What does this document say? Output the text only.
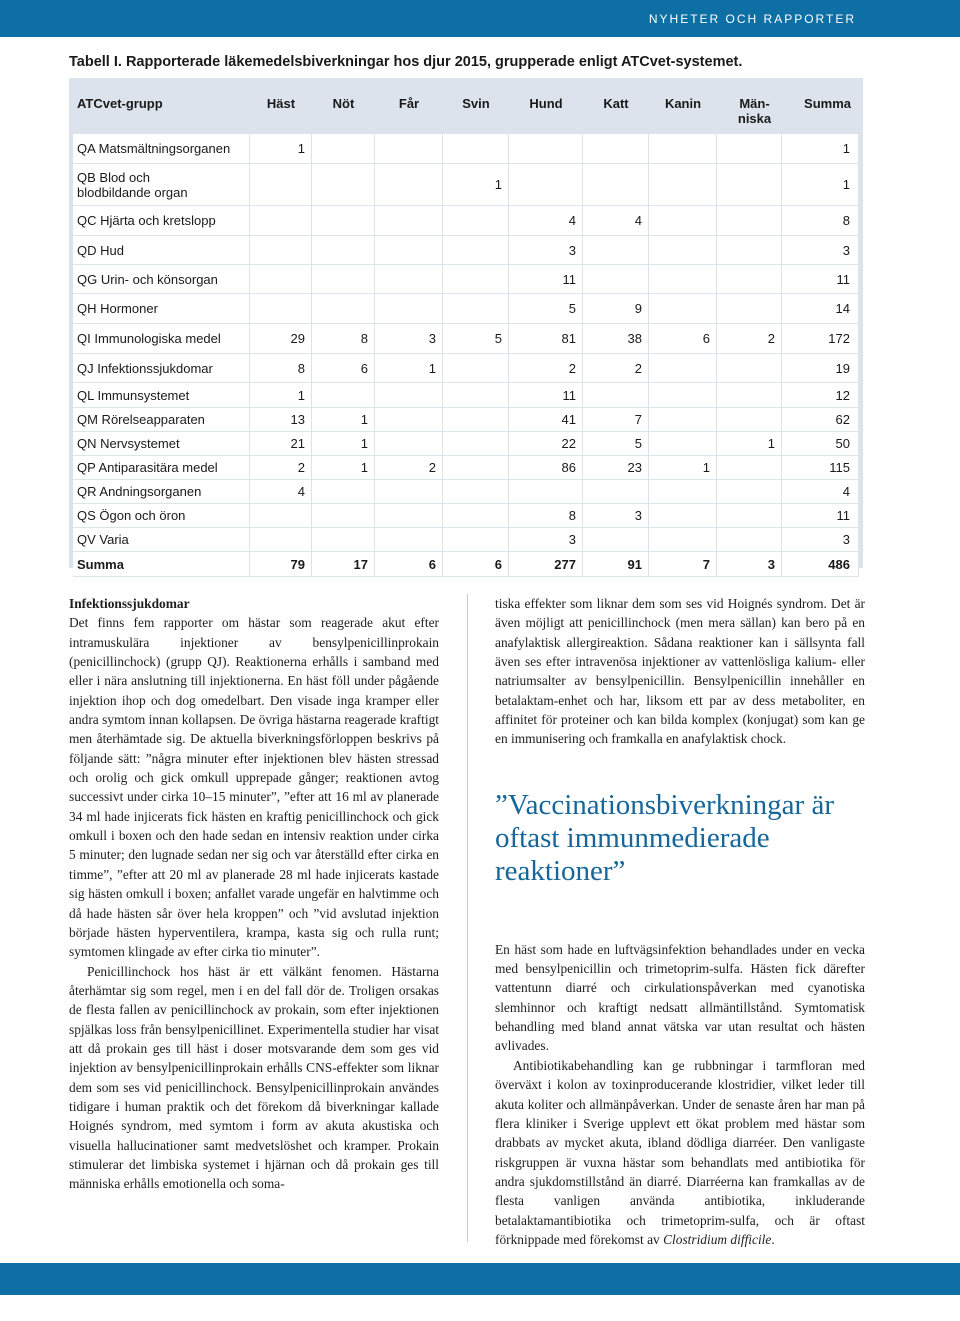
NYHETER OCH RAPPORTER
Tabell I. Rapporterade läkemedelsbiverkningar hos djur 2015, grupperade enligt ATCvet-systemet.
ATCvet-grupp	Häst	Nöt	Får	Svin	Hund	Katt	Kanin	Män-niska	Summa
QA Matsmältningsorganen	1								1
QB Blod och blodbildande organ				1					1
QC Hjärta och kretslopp					4	4			8
QD Hud					3				3
QG Urin- och könsorgan					11				11
QH Hormoner					5	9			14
QI Immunologiska medel	29	8	3	5	81	38	6	2	172
QJ Infektionssjukdomar	8	6	1		2	2			19
QL Immunsystemet	1				11				12
QM Rörelseapparaten	13	1			41	7			62
QN Nervsystemet	21	1			22	5		1	50
QP Antiparasitära medel	2	1	2		86	23	1		115
QR Andningsorganen	4								4
QS Ögon och öron					8	3			11
QV Varia					3				3
Summa	79	17	6	6	277	91	7	3	486
Infektionssjukdomar

Det finns fem rapporter om hästar som reagerade akut efter intramuskulära injektioner av bensylpenicillinprokain (penicillinchock) (grupp QJ). Reaktionerna erhålls i samband med eller i nära anslutning till injektionerna. En häst föll under pågående injektion ihop och dog omedelbart. Den visade inga kramper eller andra symtom innan kollapsen. De övriga hästarna reagerade kraftigt men återhämtade sig. De aktuella biverkningsförloppen beskrivs på följande sätt: ”några minuter efter injektionen blev hästen stressad och orolig och gick omkull upprepade gånger; reaktionen avtog successivt under cirka 10–15 minuter”, ”efter att 16 ml av planerade 34 ml hade injicerats fick hästen en kraftig penicillinchock och gick omkull i boxen och den hade sedan en intensiv reaktion under cirka 5 minuter; den lugnade sedan ner sig och var återställd efter cirka en timme”, ”efter att 20 ml av planerade 28 ml hade injicerats kastade sig hästen omkull i boxen; anfallet varade ungefär en halvtimme och då hade hästen sår över hela kroppen” och ”vid avslutad injektion började hästen hyperventilera, krampa, kasta sig och rulla runt; symtomen klingade av efter cirka tio minuter”.

Penicillinchock hos häst är ett välkänt fenomen. Hästarna återhämtar sig som regel, men i en del fall dör de. Troligen orsakas de flesta fallen av penicillinchock av prokain, som efter injektionen spjälkas loss från bensylpenicillinet. Experimentella studier har visat att då prokain ges till häst i doser motsvarande dem som ges vid injektion av bensylpenicillinprokain erhålls CNS-effekter som liknar dem som ses vid penicillinchock. Bensylpenicillinprokain användes tidigare i human praktik och det förekom då biverkningar kallade Hoignés syndrom, med symtom i form av akuta akustiska och visuella hallucinationer samt medvetslöshet och kramper. Prokain stimulerar det limbiska systemet i hjärnan och då prokain ges till människa erhålls emotionella och soma-

tiska effekter som liknar dem som ses vid Hoignés syndrom. Det är även möjligt att penicillinchock (men mera sällan) kan bero på en anafylaktisk allergireaktion. Sådana reaktioner kan i sällsynta fall även ses efter intravenösa injektioner av vattenlösliga kalium- eller natriumsalter av bensylpenicillin. Bensylpenicillin innehåller en betalaktam-enhet och har, liksom ett par av dess metaboliter, en affinitet för proteiner och kan bilda komplex (konjugat) som kan ge en immunisering och framkalla en anafylaktisk chock.

”Vaccinationsbiverkningar är oftast immunmedierade reaktioner”

En häst som hade en luftvägsinfektion behandlades under en vecka med bensylpenicillin och trimetoprim-sulfa. Hästen fick därefter vattentunn diarré och cirkulationspåverkan med cyanotiska slemhinnor och kraftigt nedsatt allmäntillstånd. Symtomatisk behandling med bland annat vätska var utan resultat och hästen avlivades.

Antibiotikabehandling kan ge rubbningar i tarmfloran med överväxt i kolon av toxinproducerande klostridier, vilket leder till akuta koliter och allmänpåverkan. Under de senaste åren har man på flera kliniker i Sverige upplevt ett ökat problem med hästar som drabbats av mycket akuta, ibland dödliga diarréer. Den vanligaste riskgruppen är vuxna hästar som behandlats med antibiotika för andra sjukdomstillstånd än diarré. Diarréerna kan framkallas av de flesta vanligen använda antibiotika, inkluderande betalaktamantibiotika och trimetoprim-sulfa, och är oftast förknippade med förekomst av Clostridium difficile.
